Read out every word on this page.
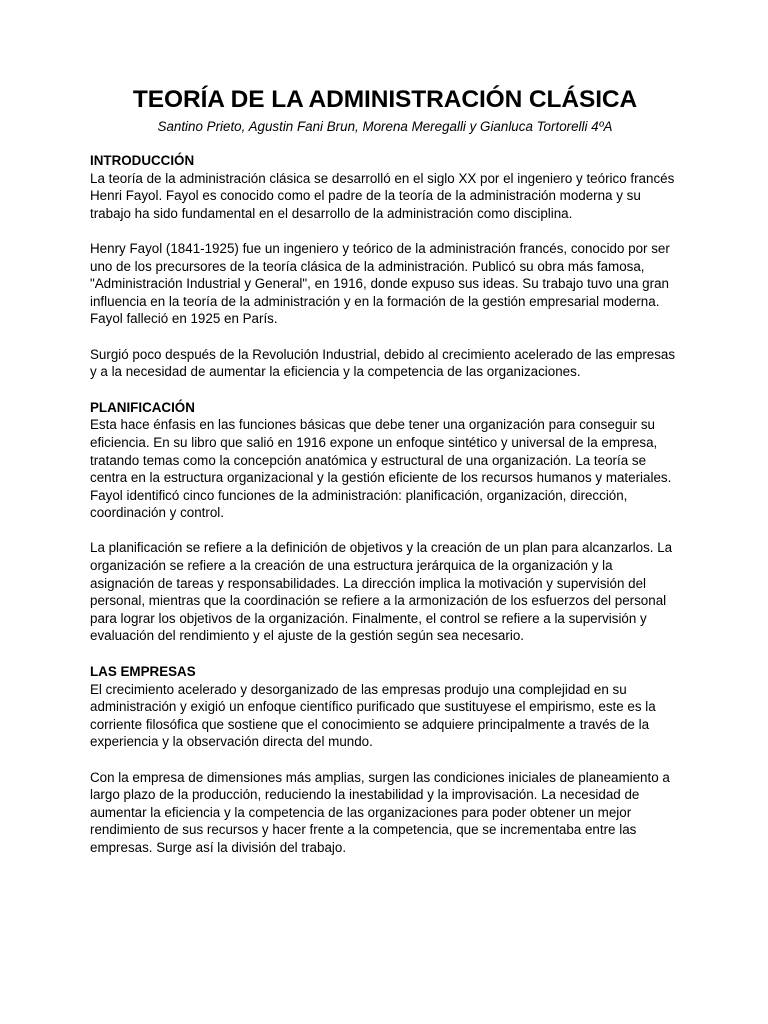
TEORÍA DE LA ADMINISTRACIÓN CLÁSICA

Santino Prieto, Agustin Fani Brun, Morena Meregalli y Gianluca Tortorelli 4ºA

INTRODUCCIÓN

La teoría de la administración clásica se desarrolló en el siglo XX por el ingeniero y teórico francés Henri Fayol. Fayol es conocido como el padre de la teoría de la administración moderna y su trabajo ha sido fundamental en el desarrollo de la administración como disciplina.

Henry Fayol (1841-1925) fue un ingeniero y teórico de la administración francés, conocido por ser uno de los precursores de la teoría clásica de la administración. Publicó su obra más famosa, "Administración Industrial y General", en 1916, donde expuso sus ideas. Su trabajo tuvo una gran influencia en la teoría de la administración y en la formación de la gestión empresarial moderna. Fayol falleció en 1925 en París.

Surgió poco después de la Revolución Industrial, debido al crecimiento acelerado de las empresas y a la necesidad de aumentar la eficiencia y la competencia de las organizaciones.

PLANIFICACIÓN

Esta hace énfasis en las funciones básicas que debe tener una organización para conseguir su eficiencia. En su libro que salió en 1916 expone un enfoque sintético y universal de la empresa, tratando temas como la concepción anatómica y estructural de una organización. La teoría se centra en la estructura organizacional y la gestión eficiente de los recursos humanos y materiales. Fayol identificó cinco funciones de la administración: planificación, organización, dirección, coordinación y control.

La planificación se refiere a la definición de objetivos y la creación de un plan para alcanzarlos. La organización se refiere a la creación de una estructura jerárquica de la organización y la asignación de tareas y responsabilidades. La dirección implica la motivación y supervisión del personal, mientras que la coordinación se refiere a la armonización de los esfuerzos del personal para lograr los objetivos de la organización. Finalmente, el control se refiere a la supervisión y evaluación del rendimiento y el ajuste de la gestión según sea necesario.

LAS EMPRESAS

El crecimiento acelerado y desorganizado de las empresas produjo una complejidad en su administración y exigió un enfoque científico purificado que sustituyese el empirismo, este es la corriente filosófica que sostiene que el conocimiento se adquiere principalmente a través de la experiencia y la observación directa del mundo.

Con la empresa de dimensiones más amplias, surgen las condiciones iniciales de planeamiento a largo plazo de la producción, reduciendo la inestabilidad y la improvisación. La necesidad de aumentar la eficiencia y la competencia de las organizaciones para poder obtener un mejor rendimiento de sus recursos y hacer frente a la competencia, que se incrementaba entre las empresas. Surge así la división del trabajo.
